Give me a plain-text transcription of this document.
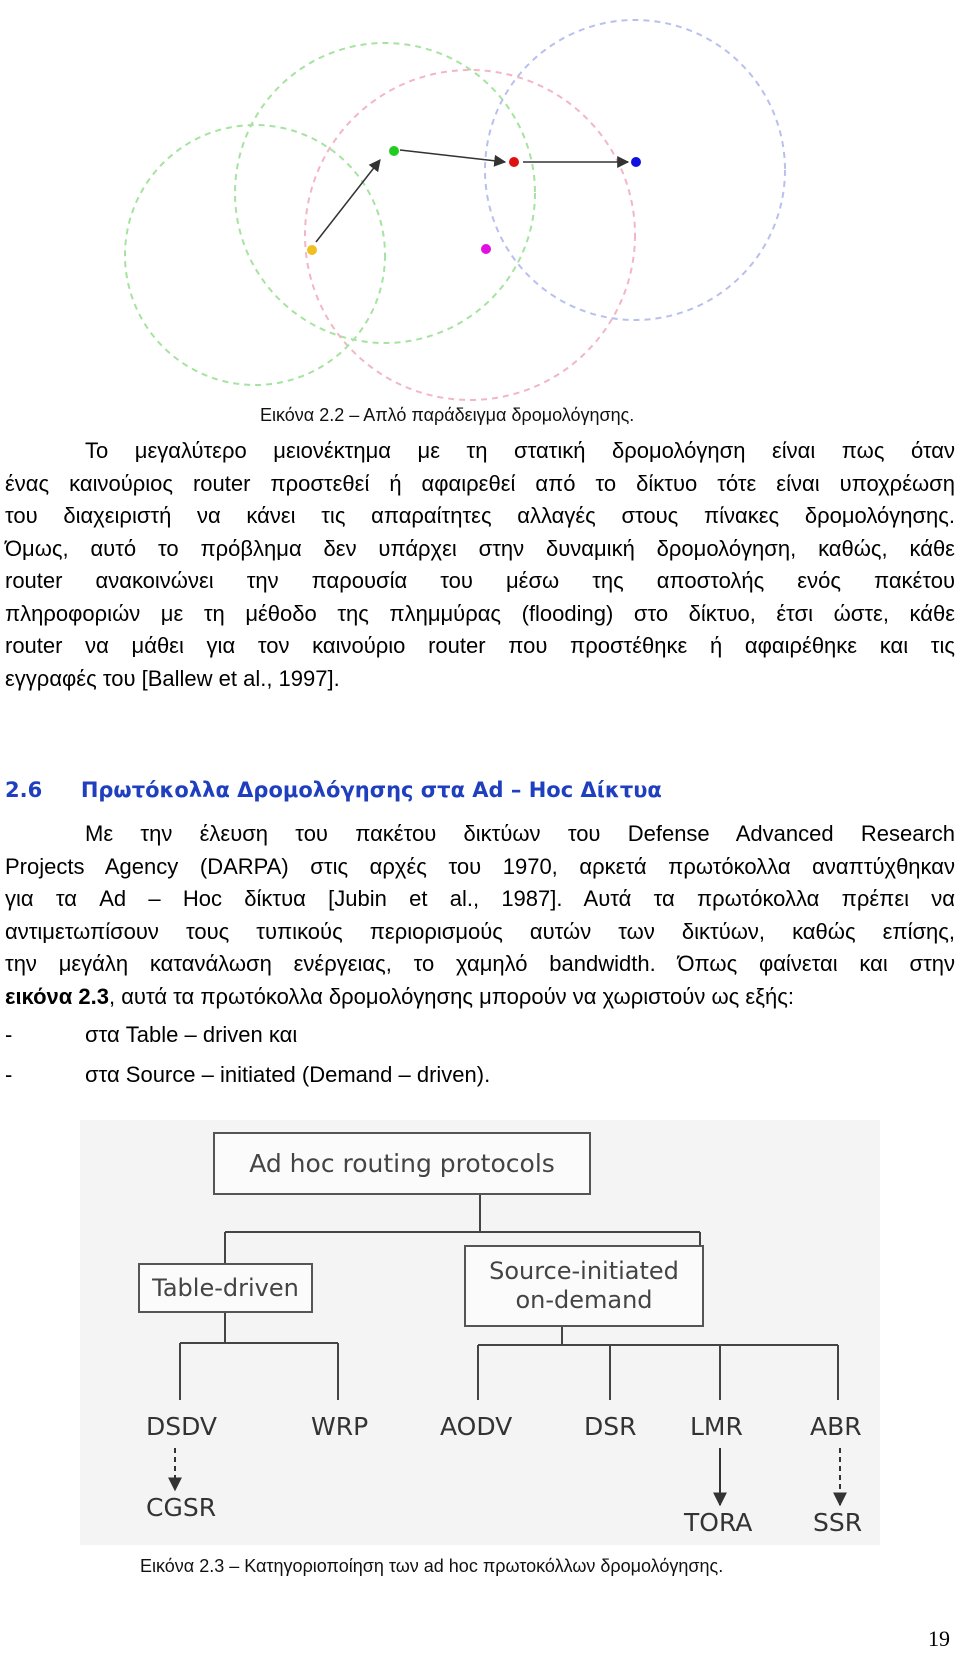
Εικόνα 2.2 – Απλό παράδειγμα δρομολόγησης.
Το μεγαλύτερο μειονέκτημα με τη στατική δρομολόγηση είναι πως όταν
ένας καινούριος router προστεθεί ή αφαιρεθεί από το δίκτυο τότε είναι υποχρέωση
του διαχειριστή να κάνει τις απαραίτητες αλλαγές στους πίνακες δρομολόγησης.
Όμως, αυτό το πρόβλημα δεν υπάρχει στην δυναμική δρομολόγηση, καθώς, κάθε
router ανακοινώνει την παρουσία του μέσω της αποστολής ενός πακέτου
πληροφοριών με τη μέθοδο της πλημμύρας (flooding) στο δίκτυο, έτσι ώστε, κάθε
router να μάθει για τον καινούριο router που προστέθηκε ή αφαιρέθηκε και τις
εγγραφές του [Ballew et al., 1997].
2.6 Πρωτόκολλα Δρομολόγησης στα Ad – Hoc Δίκτυα
Με την έλευση του πακέτου δικτύων του Defense Advanced Research
Projects Agency (DARPA) στις αρχές του 1970, αρκετά πρωτόκολλα αναπτύχθηκαν
για τα Ad – Hoc δίκτυα [Jubin et al., 1987]. Αυτά τα πρωτόκολλα πρέπει να
αντιμετωπίσουν τους τυπικούς περιορισμούς αυτών των δικτύων, καθώς επίσης,
την μεγάλη κατανάλωση ενέργειας, το χαμηλό bandwidth. Όπως φαίνεται και στην
εικόνα 2.3, αυτά τα πρωτόκολλα δρομολόγησης μπορούν να χωριστούν ως εξής:
-	στα Table – driven και
-	στα Source – initiated (Demand – driven).
Ad hoc routing protocols
Table-driven
Source-initiated
on-demand
DSDV	WRP	AODV	DSR LMR	ABR
CGSR
TORA SSR
Εικόνα 2.3 – Κατηγοριοποίηση των ad hoc πρωτοκόλλων δρομολόγησης.
19
